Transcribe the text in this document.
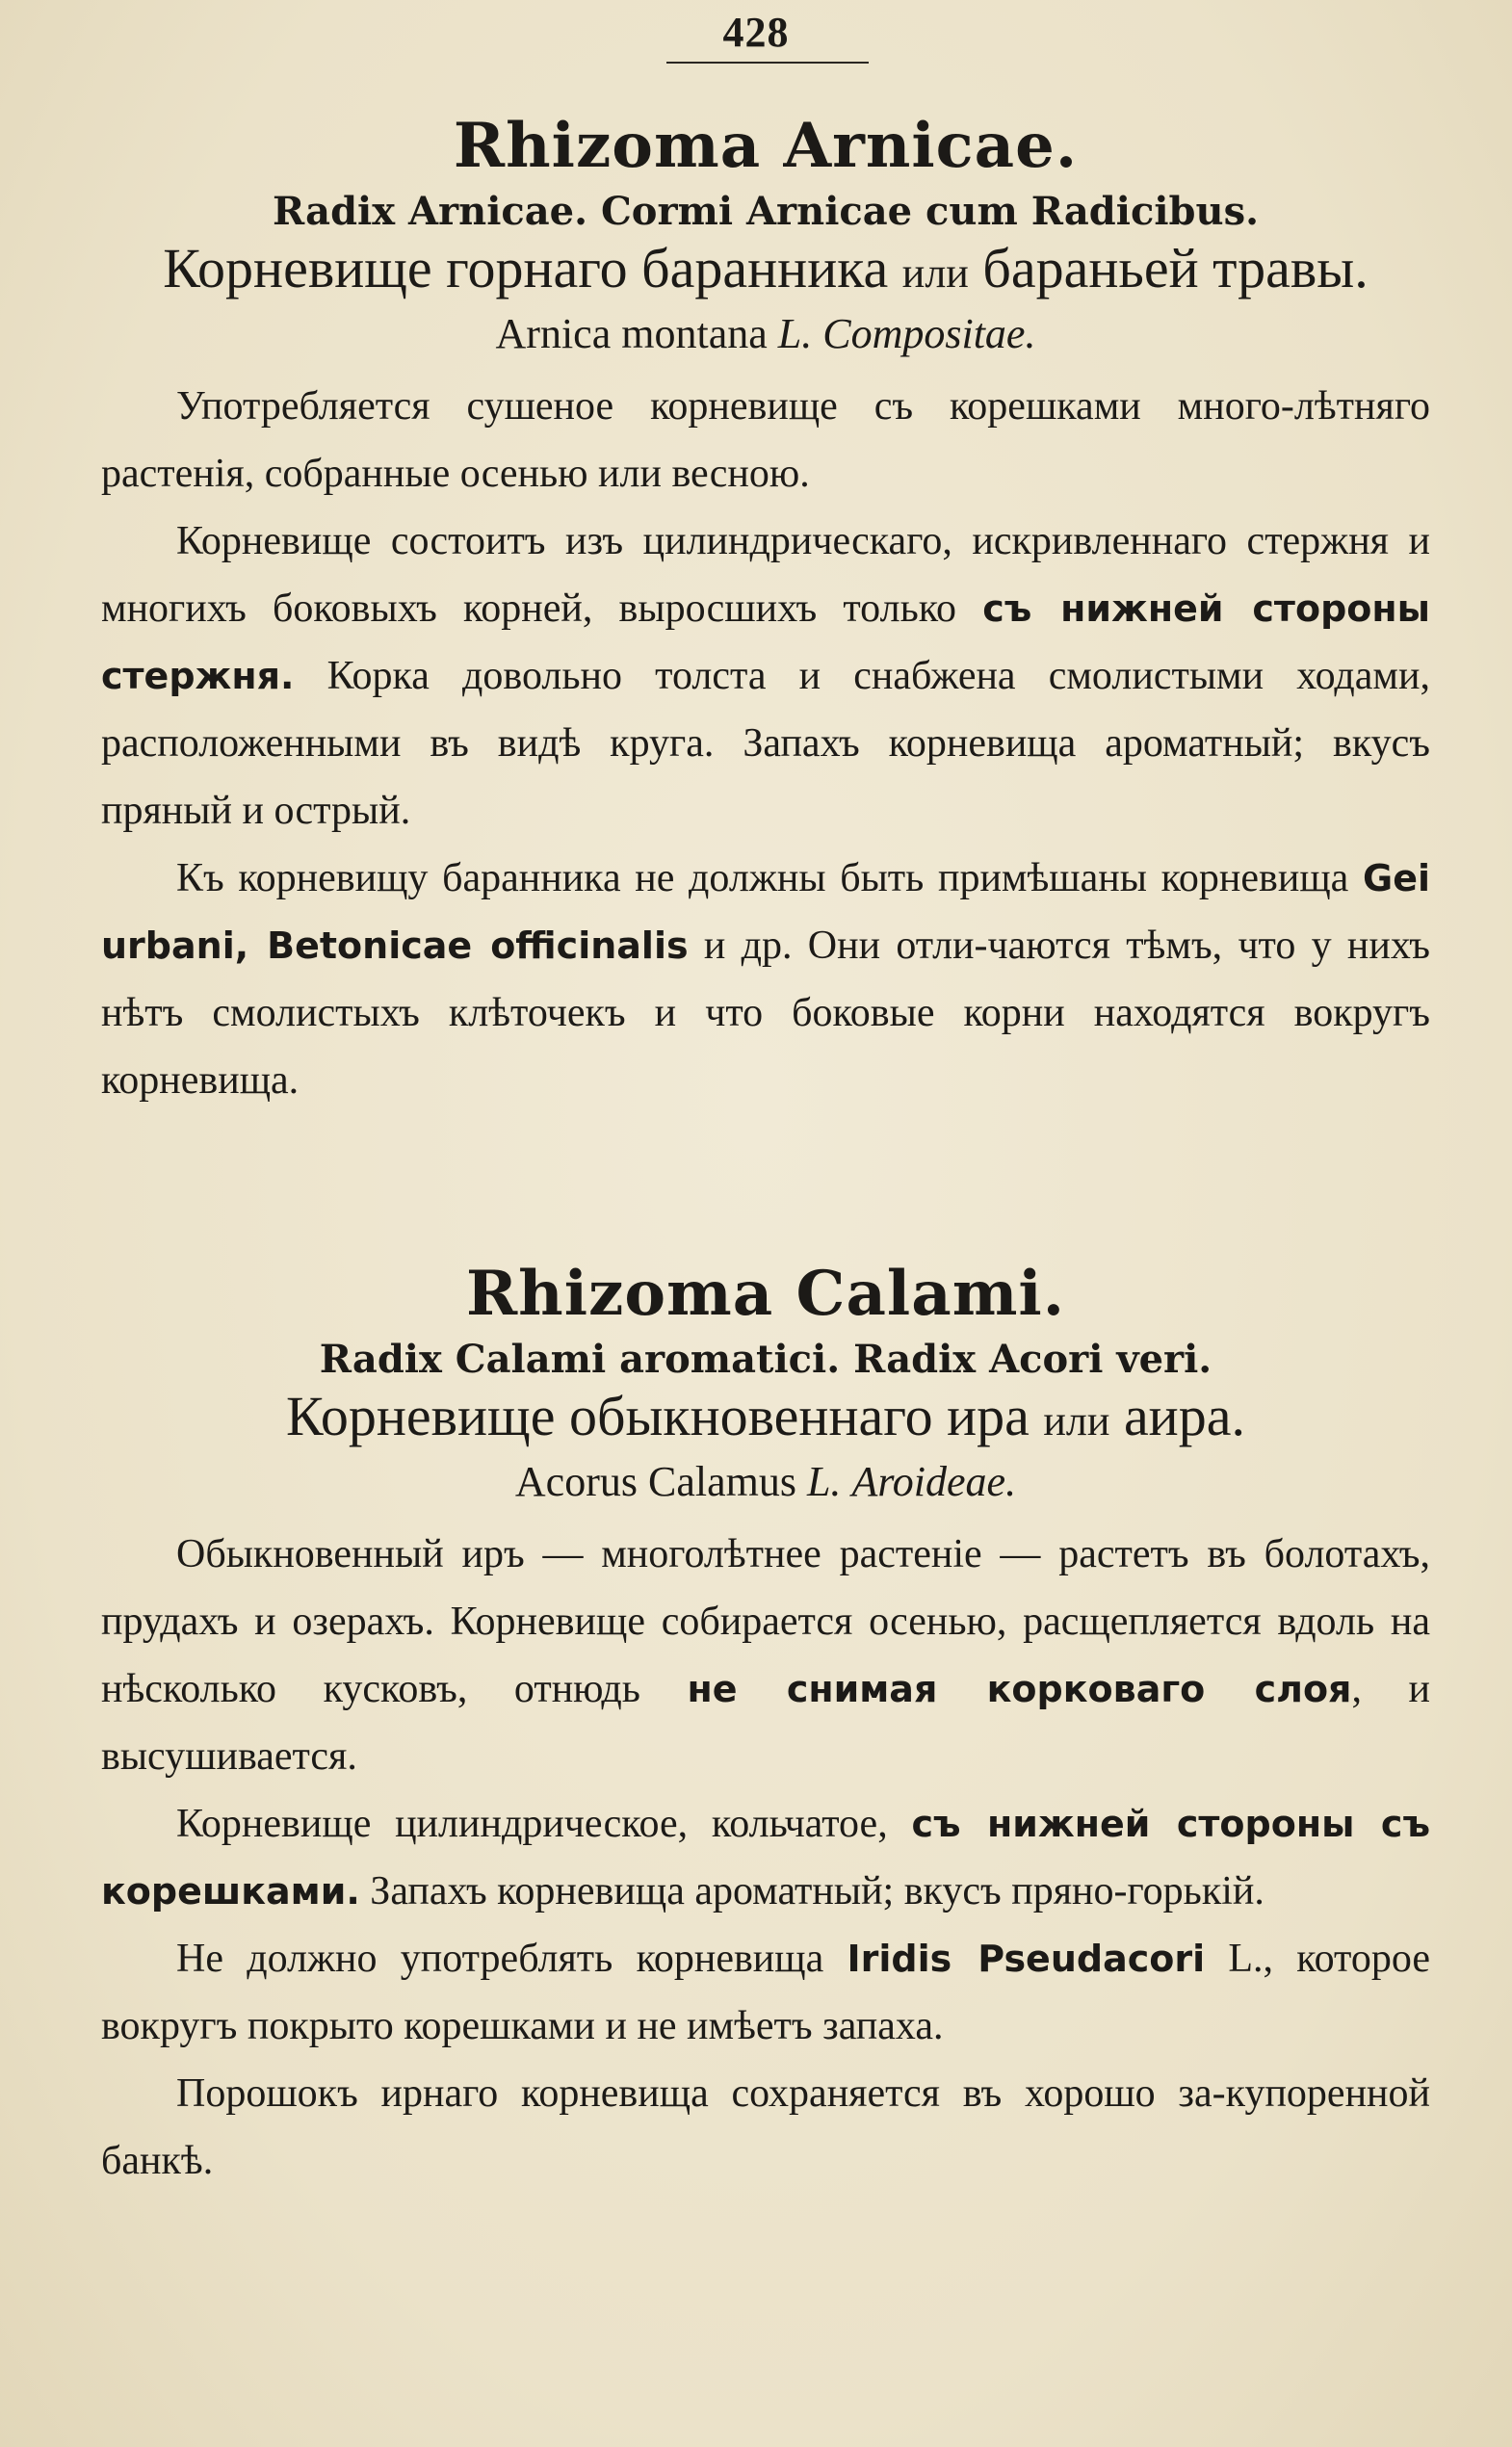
428
Rhizoma Arnicae.
Radix Arnicae. Cormi Arnicae cum Radicibus.
Корневище горнаго баранника или бараньей травы.
Arnica montana L. Compositae.

Употребляется сушеное корневище съ корешками много-лѣтняго растенія, собранные осенью или весною.

Корневище состоитъ изъ цилиндрическаго, искривленнаго стержня и многихъ боковыхъ корней, выросшихъ только съ нижней стороны стержня. Корка довольно толста и снабжена смолистыми ходами, расположенными въ видѣ круга. Запахъ корневища ароматный; вкусъ пряный и острый.

Къ корневищу баранника не должны быть примѣшаны корневища Gei urbani, Betonicae officinalis и др. Они отли-чаются тѣмъ, что у нихъ нѣтъ смолистыхъ клѣточекъ и что боковые корни находятся вокругъ корневища.

Rhizoma Calami.
Radix Calami aromatici. Radix Acori veri.
Корневище обыкновеннаго ира или аира.
Acorus Calamus L. Aroideae.

Обыкновенный иръ — многолѣтнее растеніе — растетъ въ болотахъ, прудахъ и озерахъ. Корневище собирается осенью, расщепляется вдоль на нѣсколько кусковъ, отнюдь не снимая корковаго слоя, и высушивается.

Корневище цилиндрическое, кольчатое, съ нижней стороны съ корешками. Запахъ корневища ароматный; вкусъ пряно-горькій.

Не должно употреблять корневища Iridis Pseudacori L., которое вокругъ покрыто корешками и не имѣетъ запаха.

Порошокъ ирнаго корневища сохраняется въ хорошо за-купоренной банкѣ.
